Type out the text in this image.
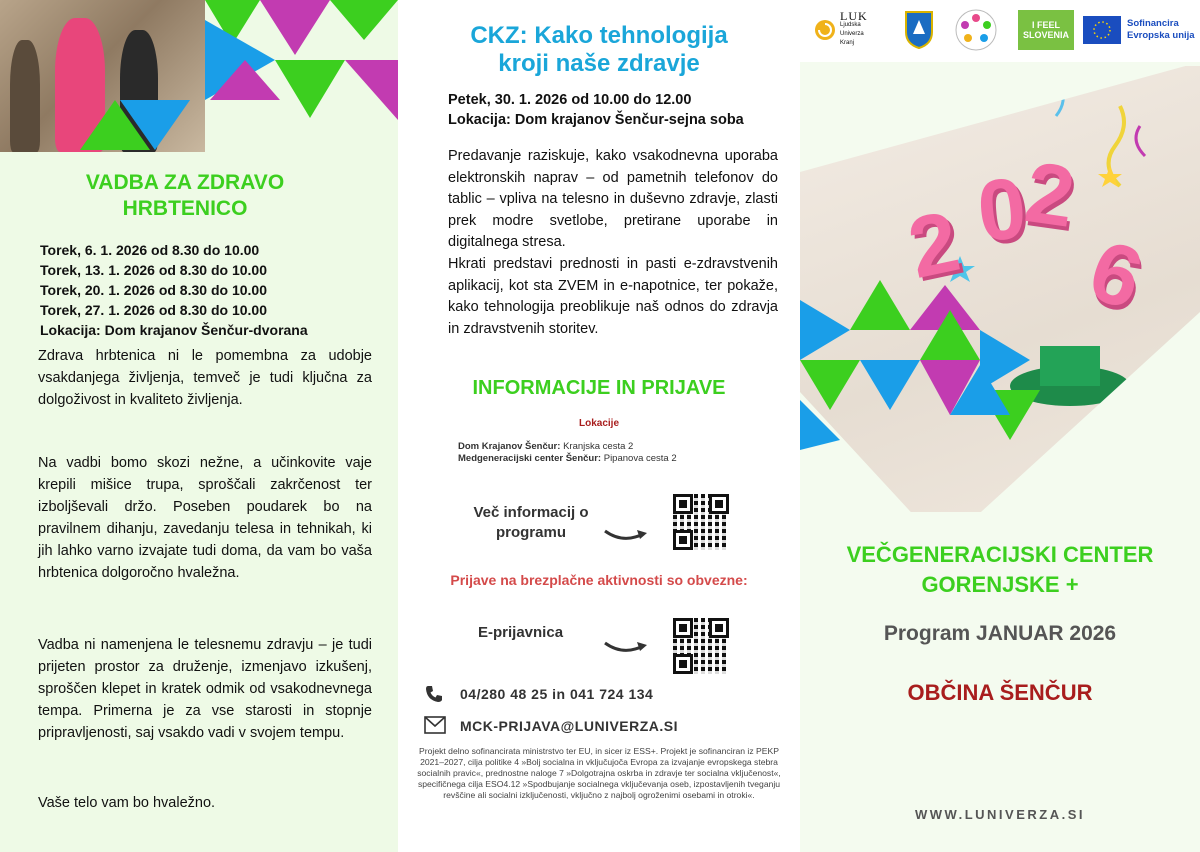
VADBA ZA ZDRAVO
HRBTENICO
Torek, 6. 1. 2026 od 8.30 do 10.00
Torek, 13. 1. 2026 od 8.30 do 10.00
Torek, 20. 1. 2026 od 8.30 do 10.00
Torek, 27. 1. 2026 od 8.30 do 10.00
Lokacija: Dom krajanov Šenčur-dvorana

Zdrava hrbtenica ni le pomembna za udobje vsakdanjega življenja, temveč je tudi ključna za dolgoživost in kvaliteto življenja.

Na vadbi bomo skozi nežne, a učinkovite vaje krepili mišice trupa, sproščali zakrčenost ter izboljševali držo. Poseben poudarek bo na pravilnem dihanju, zavedanju telesa in tehnikah, ki jih lahko varno izvajate tudi doma, da vam bo vaša hrbtenica dolgoročno hvaležna.

Vadba ni namenjena le telesnemu zdravju – je tudi prijeten prostor za druženje, izmenjavo izkušenj, sproščen klepet in kratek odmik od vsakodnevnega tempa. Primerna je za vse starosti in stopnje pripravljenosti, saj vsakdo vadi v svojem tempu.

Vaše telo vam bo hvaležno.

CKZ: Kako tehnologija
kroji naše zdravje
Petek, 30. 1. 2026 od 10.00 do 12.00
Lokacija: Dom krajanov Šenčur-sejna soba

Predavanje raziskuje, kako vsakodnevna uporaba elektronskih naprav – od pametnih telefonov do tablic – vpliva na telesno in duševno zdravje, zlasti prek modre svetlobe, pretirane uporabe in digitalnega stresa.

Hkrati predstavi prednosti in pasti e-zdravstvenih aplikacij, kot sta ZVEM in e-napotnice, ter pokaže, kako tehnologija preoblikuje naš odnos do zdravja in zdravstvenih storitev.

INFORMACIJE IN PRIJAVE
Lokacije
Dom Krajanov Šenčur: Kranjska cesta 2
Medgeneracijski center Šenčur: Pipanova cesta 2
Več informacij o
programu
Prijave na brezplačne aktivnosti so obvezne:
E-prijavnica
04/280 48 25 in 041 724 134
MCK-PRIJAVA@LUNIVERZA.SI

Projekt delno sofinancirata ministrstvo ter EU, in sicer iz ESS+. Projekt je sofinanciran iz PEKP 2021–2027, cilja politike 4 »Bolj socialna in vključujoča Evropa za izvajanje evropskega stebra socialnih pravic«, prednostne naloge 7 »Dolgotrajna oskrba in zdravje ter socialna vključenost«, specifičnega cilja ESO4.12 »Spodbujanje socialnega vključevanja oseb, izpostavljenih tveganju revščine ali socialni izključenosti, vključno z najbolj ogroženimi osebami in otroki«.

LUK
Ljudska Univerza Kranj
I FEEL
SLOVENIA
Sofinancira
Evropska unija
2 0
2
6
VEČGENERACIJSKI CENTER
GORENJSKE +
Program JANUAR 2026
OBČINA ŠENČUR
WWW.LUNIVERZA.SI
